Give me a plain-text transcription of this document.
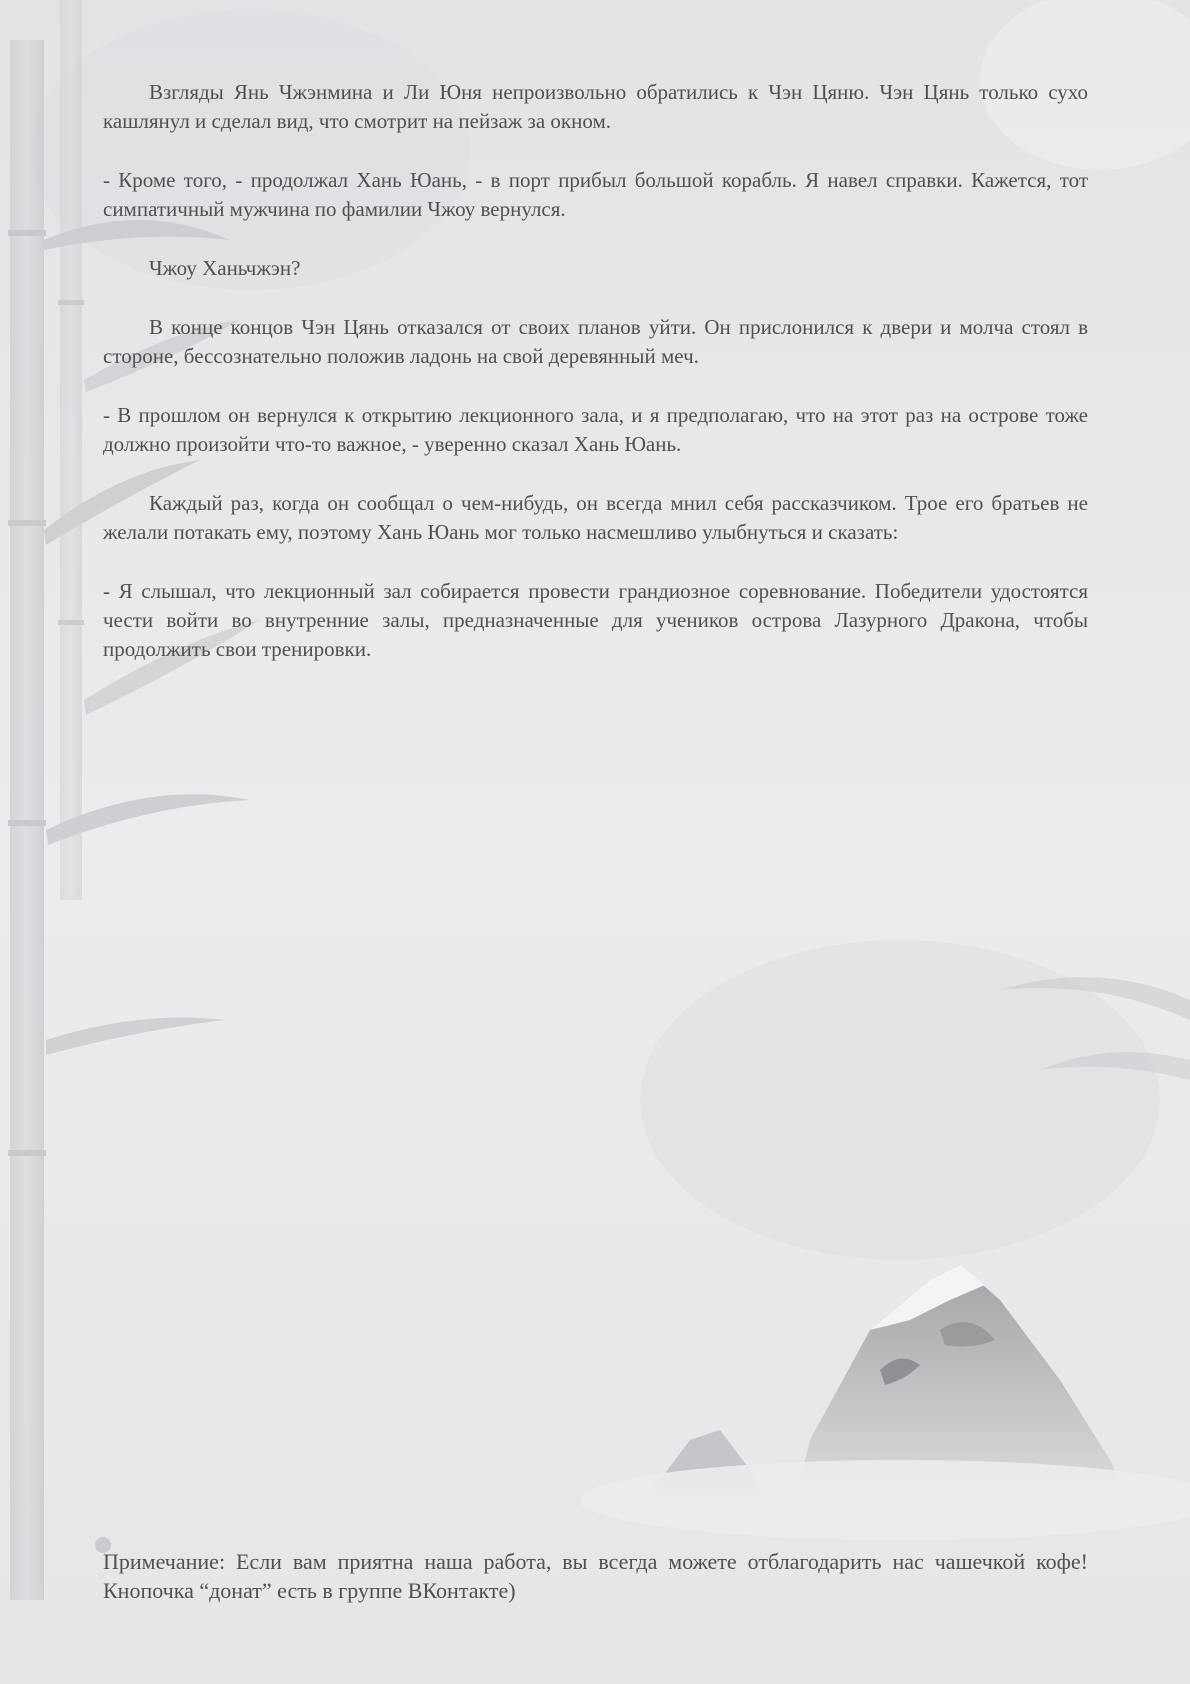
Взгляды Янь Чжэнмина и Ли Юня непроизвольно обратились к Чэн Цяню. Чэн Цянь только сухо кашлянул и сделал вид, что смотрит на пейзаж за окном.

- Кроме того, - продолжал Хань Юань, - в порт прибыл большой корабль. Я навел справки. Кажется, тот симпатичный мужчина по фамилии Чжоу вернулся.

Чжоу Ханьчжэн?

В конце концов Чэн Цянь отказался от своих планов уйти. Он прислонился к двери и молча стоял в стороне, бессознательно положив ладонь на свой деревянный меч.

- В прошлом он вернулся к открытию лекционного зала, и я предполагаю, что на этот раз на острове тоже должно произойти что-то важное, - уверенно сказал Хань Юань.

Каждый раз, когда он сообщал о чем-нибудь, он всегда мнил себя рассказчиком. Трое его братьев не желали потакать ему, поэтому Хань Юань мог только насмешливо улыбнуться и сказать:

- Я слышал, что лекционный зал собирается провести грандиозное соревнование. Победители удостоятся чести войти во внутренние залы, предназначенные для учеников острова Лазурного Дракона, чтобы продолжить свои тренировки.

Примечание: Если вам приятна наша работа, вы всегда можете отблагодарить нас чашечкой кофе! Кнопочка “донат” есть в группе ВКонтакте)
